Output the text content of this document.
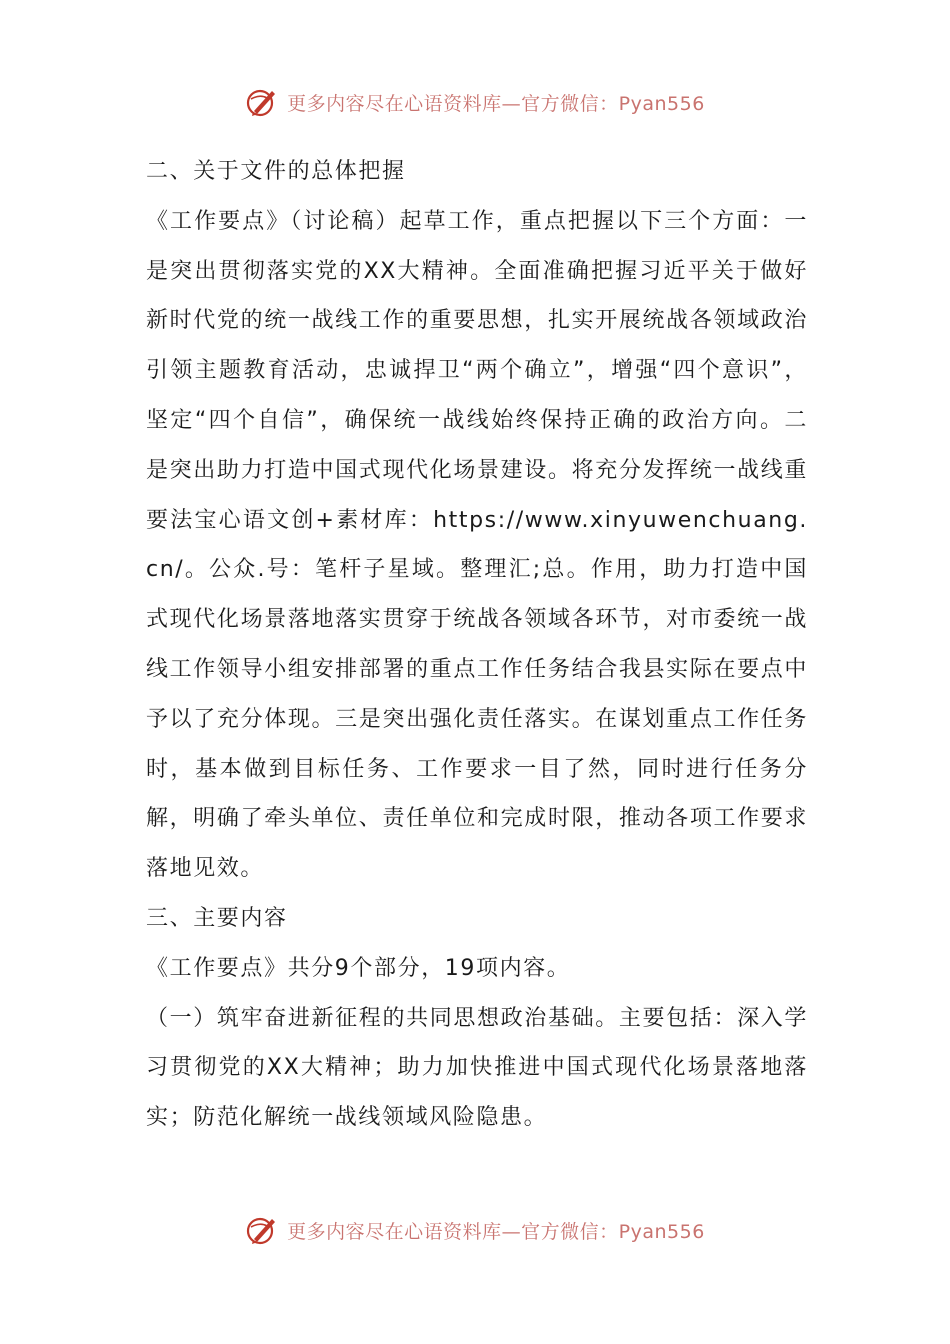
更多内容尽在心语资料库—官方微信：Pyan556

二、关于文件的总体把握

《工作要点》（讨论稿）起草工作，重点把握以下三个方面：一是突出贯彻落实党的XX大精神。全面准确把握习近平关于做好新时代党的统一战线工作的重要思想，扎实开展统战各领域政治引领主题教育活动，忠诚捍卫“两个确立”，增强“四个意识”，坚定“四个自信”，确保统一战线始终保持正确的政治方向。二是突出助力打造中国式现代化场景建设。将充分发挥统一战线重要法宝心语文创+素材库：https://www.xinyuwenchuang.cn/。公众.号：笔杆子星域。整理汇;总。作用，助力打造中国式现代化场景落地落实贯穿于统战各领域各环节，对市委统一战线工作领导小组安排部署的重点工作任务结合我县实际在要点中予以了充分体现。三是突出强化责任落实。在谋划重点工作任务时，基本做到目标任务、工作要求一目了然，同时进行任务分解，明确了牵头单位、责任单位和完成时限，推动各项工作要求落地见效。

三、主要内容

《工作要点》共分9个部分，19项内容。

（一）筑牢奋进新征程的共同思想政治基础。主要包括：深入学习贯彻党的XX大精神；助力加快推进中国式现代化场景落地落实；防范化解统一战线领域风险隐患。

更多内容尽在心语资料库—官方微信：Pyan556
